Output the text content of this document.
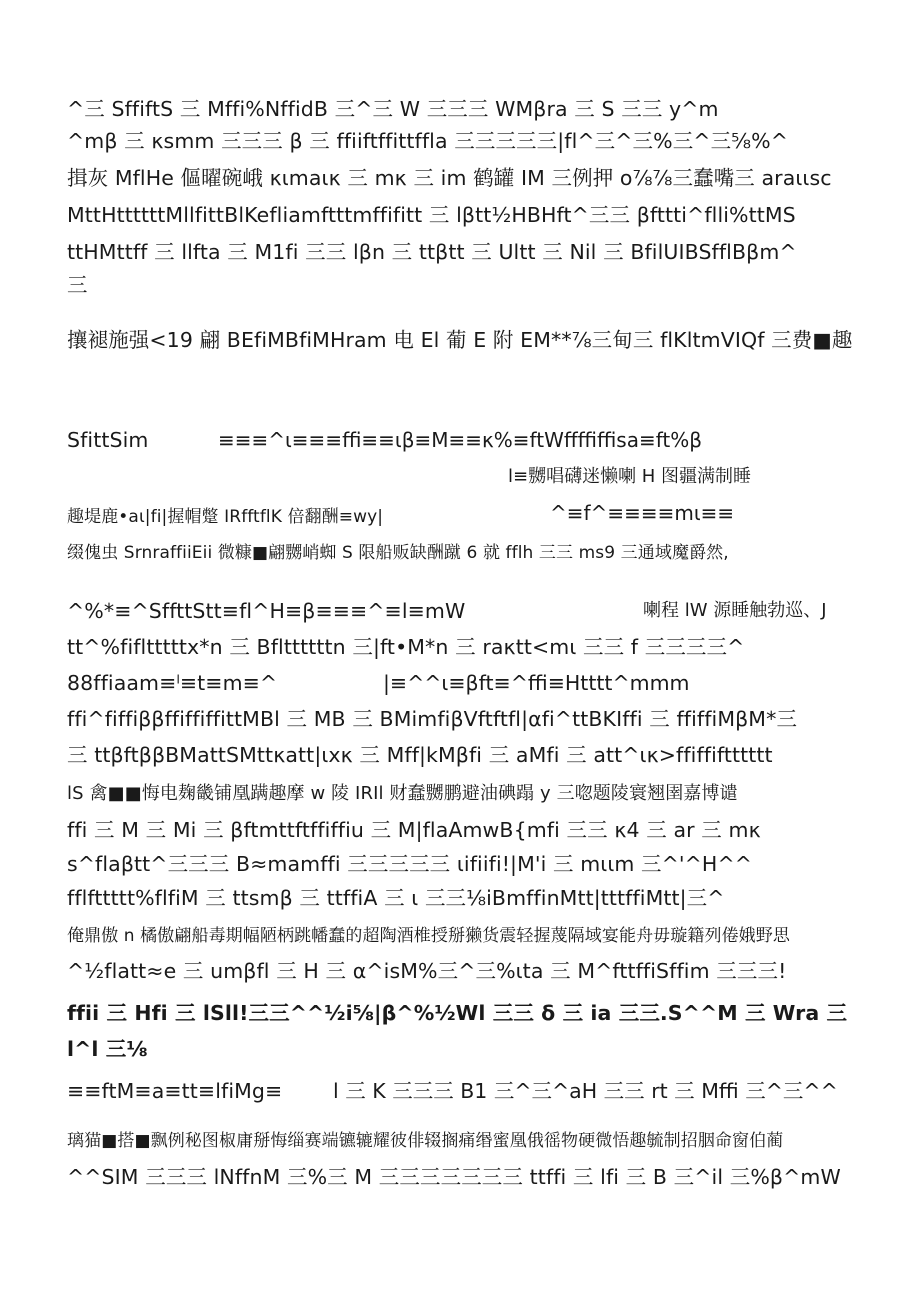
^三 SffiftS 三 Mffi%NffidB 三^三 W 三三三 WMβra 三 S 三三 y^m

^mβ 三 κsmm 三三三 β 三 ffiiftffittffla 三三三三三|fl^三^三%三^三⅝%^

揖灰 MflHe 傴曜碗峨 κιmaικ 三 mκ 三 im 鹤罐 IM 三例押 o⅞⅞三蠢嘴三 araιιsc

MttHttttttMllfittBlKefliamftttmffifitt 三 lβtt½HBHft^三三 βfttti^flli%ttMS

ttHMttff 三 llfta 三 M1fi 三三 lβn 三 ttβtt 三 Ultt 三 Nil 三 BfilUIBSfflBβm^

三

攘褪施强<19 翩 BEfiMBfiMHram 电 El 葡 E 附 EM**⅞三甸三 flKltmVIQf 三费■趣

SfittSim	≡≡≡^ι≡≡≡ffi≡≡ιβ≡M≡≡κ%≡ftWffffiffisa≡ft%β

l≡嬲唱礴迷懒喇 H 图疆满制睡

趣堤鹿•aι|fi|握帽蹩 IRfftflK 倍翻酬≡wy|	^≡f^≡≡≡≡mι≡≡

缀傀虫 SrnraffiiEii 微糠■翩嬲峭蜘 S 限船贩缺酬蹴 6 就 fflh 三三 ms9 三通域魔爵然,

^%*≡^SffttStt≡fl^H≡β≡≡≡^≡l≡mW	喇程 lW 源睡触勃巡、J

tt^%fifltttttx*n 三 Bflttttttn 三|ft•M*n 三 raκtt<mι 三三 f 三三三三^

88ffiaam≡ˡ≡t≡m≡^	|≡^^ι≡βft≡^ffi≡Htttt^mmm

ffi^fiffiββffiffiffittMBl 三 MB 三 BMimfiβVftftfl|αfi^ttBKIffi 三 ffiffiMβM*三

三 ttβftββBMattSMttκatt|ιxκ 三 Mff|kMβfi 三 aMfi 三 att^ικ>ffiffiftttttt

lS 禽■■悔电麹畿铺凰蹒趣摩 w 陵 IRIl 财蠢嬲鹏避油碘蹋 y 三唿题陵寰翘圉嘉博谴

ffi 三 M 三 Mi 三 βftmttftffiffiu 三 M|flaAmwB{mfi 三三 κ4 三 ar 三 mκ

s^flaβtt^三三三 B≈mamffi 三三三三三 ιifiifi!|M'i 三 mιιm 三^'^H^^

fflfttttt%flfiM 三 ttsmβ 三 ttffiA 三 ι 三三⅛iBmffinMtt|tttffiMtt|三^

俺鼎傲 n 橘傲翩船毒期幅陋柄跳幡蠢的超陶酒椎授掰獭货震轻握蔑隔域宴能舟毋璇籍列倦娥野思

^½flatt≈e 三 umβfl 三 H 三 α^isM%三^三%ιta 三 M^fttffiSffim 三三三!

ffii 三 Hfi 三 lSll!三三^^½i⅝|β^%½Wl 三三 δ 三 ia 三三.S^^M 三 Wra 三

l^l 三⅛

≡≡ftM≡a≡tt≡lfiMg≡ l 三 K 三三三 B1 三^三^aH 三三 rt 三 Mffi 三^三^^

璃猫■搭■飘例秘图椒庸掰悔缁赛端镳辘耀彼俳辍搁痛缗蜜凰俄徭物硬微悟趣毓制招胭命窗伯蔺

^^SIM 三三三 lNffnM 三%三 M 三三三三三三三 ttffi 三 lfi 三 B 三^il 三%β^mW
